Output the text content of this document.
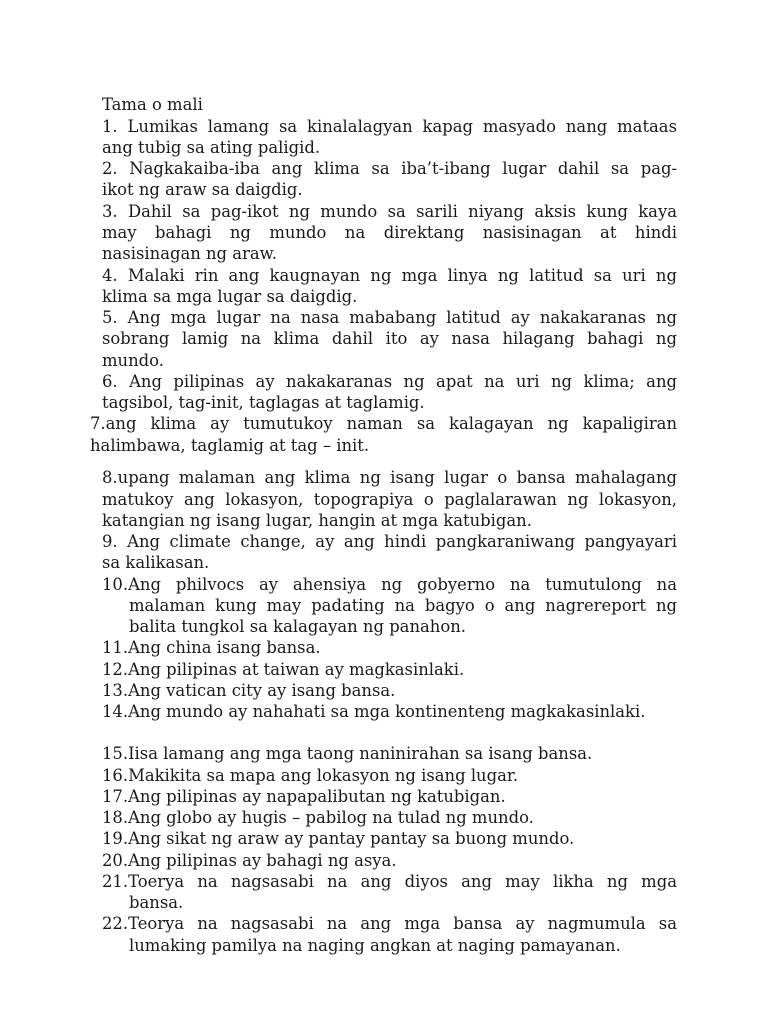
Tama o mali
1. Lumikas lamang sa kinalalagyan kapag masyado nang mataas
ang tubig sa ating paligid.
2. Nagkakaiba-iba ang klima sa iba’t-ibang lugar dahil sa pag-
ikot ng araw sa daigdig.
3. Dahil sa pag-ikot ng mundo sa sarili niyang aksis kung kaya
may bahagi ng mundo na direktang nasisinagan at hindi
nasisinagan ng araw.
4. Malaki rin ang kaugnayan ng mga linya ng latitud sa uri ng
klima sa mga lugar sa daigdig.
5. Ang mga lugar na nasa mababang latitud ay nakakaranas ng
sobrang lamig na klima dahil ito ay nasa hilagang bahagi ng
mundo.
6. Ang pilipinas ay nakakaranas ng apat na uri ng klima; ang
tagsibol, tag-init, taglagas at taglamig.
7.ang klima ay tumutukoy naman sa kalagayan ng kapaligiran
halimbawa, taglamig at tag – init.
8.upang malaman ang klima ng isang lugar o bansa mahalagang
matukoy ang lokasyon, topograpiya o paglalarawan ng lokasyon,
katangian ng isang lugar, hangin at mga katubigan.
9. Ang climate change, ay ang hindi pangkaraniwang pangyayari
sa kalikasan.
10.Ang philvocs ay ahensiya ng gobyerno na tumutulong na
malaman kung may padating na bagyo o ang nagrereport ng
balita tungkol sa kalagayan ng panahon.
11.Ang china isang bansa.
12.Ang pilipinas at taiwan ay magkasinlaki.
13.Ang vatican city ay isang bansa.
14.Ang mundo ay nahahati sa mga kontinenteng magkakasinlaki.
15.Iisa lamang ang mga taong naninirahan sa isang bansa.
16.Makikita sa mapa ang lokasyon ng isang lugar.
17.Ang pilipinas ay napapalibutan ng katubigan.
18.Ang globo ay hugis – pabilog na tulad ng mundo.
19.Ang sikat ng araw ay pantay pantay sa buong mundo.
20.Ang pilipinas ay bahagi ng asya.
21.Toerya na nagsasabi na ang diyos ang may likha ng mga
bansa.
22.Teorya na nagsasabi na ang mga bansa ay nagmumula sa
lumaking pamilya na naging angkan at naging pamayanan.
